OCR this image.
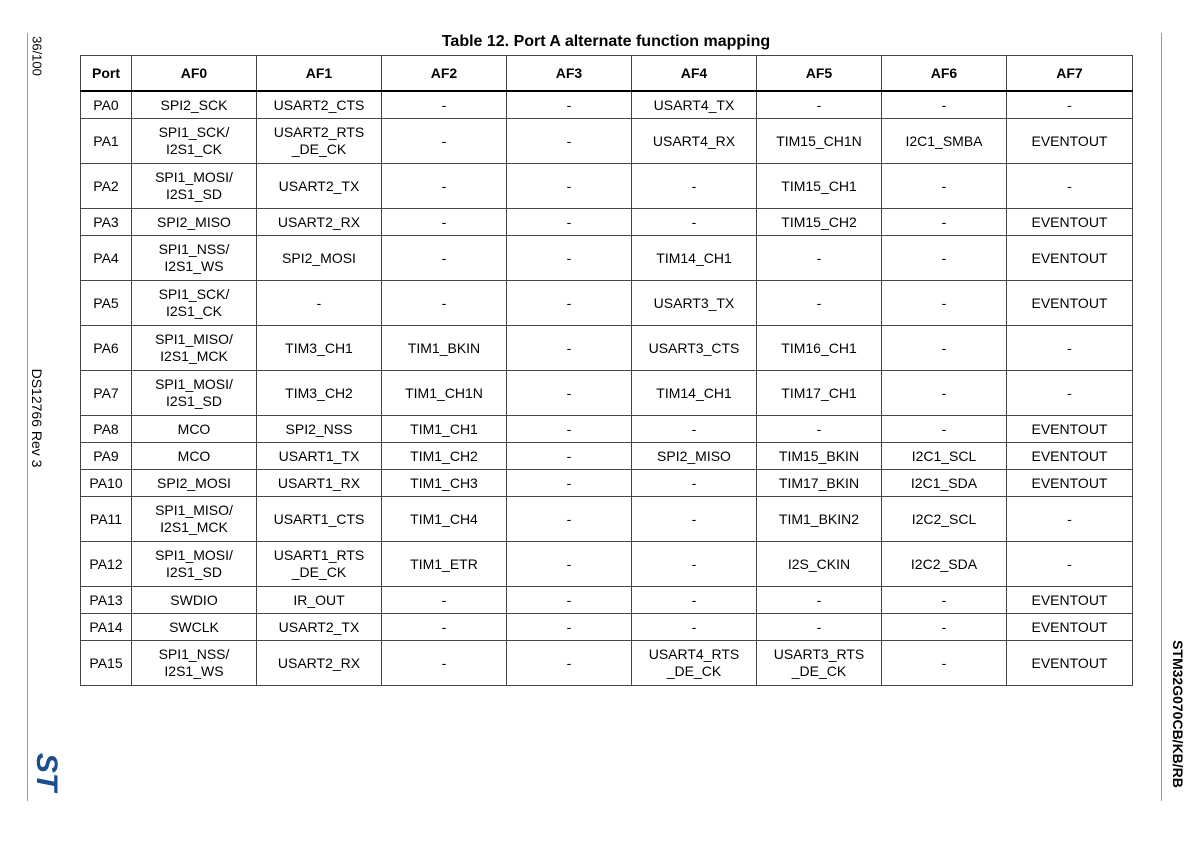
36/100
DS12766 Rev 3
STM32G070CB/KB/RB
ST
Table 12. Port A alternate function mapping
Port	AF0	AF1	AF2	AF3	AF4	AF5	AF6	AF7
PA0	SPI2_SCK	USART2_CTS	-	-	USART4_TX	-	-	-
PA1	SPI1_SCK/
I2S1_CK	USART2_RTS
_DE_CK	-	-	USART4_RX	TIM15_CH1N	I2C1_SMBA	EVENTOUT
PA2	SPI1_MOSI/
I2S1_SD	USART2_TX	-	-	-	TIM15_CH1	-	-
PA3	SPI2_MISO	USART2_RX	-	-	-	TIM15_CH2	-	EVENTOUT
PA4	SPI1_NSS/
I2S1_WS	SPI2_MOSI	-	-	TIM14_CH1	-	-	EVENTOUT
PA5	SPI1_SCK/
I2S1_CK	-	-	-	USART3_TX	-	-	EVENTOUT
PA6	SPI1_MISO/
I2S1_MCK	TIM3_CH1	TIM1_BKIN	-	USART3_CTS	TIM16_CH1	-	-
PA7	SPI1_MOSI/
I2S1_SD	TIM3_CH2	TIM1_CH1N	-	TIM14_CH1	TIM17_CH1	-	-
PA8	MCO	SPI2_NSS	TIM1_CH1	-	-	-	-	EVENTOUT
PA9	MCO	USART1_TX	TIM1_CH2	-	SPI2_MISO	TIM15_BKIN	I2C1_SCL	EVENTOUT
PA10	SPI2_MOSI	USART1_RX	TIM1_CH3	-	-	TIM17_BKIN	I2C1_SDA	EVENTOUT
PA11	SPI1_MISO/
I2S1_MCK	USART1_CTS	TIM1_CH4	-	-	TIM1_BKIN2	I2C2_SCL	-
PA12	SPI1_MOSI/
I2S1_SD	USART1_RTS
_DE_CK	TIM1_ETR	-	-	I2S_CKIN	I2C2_SDA	-
PA13	SWDIO	IR_OUT	-	-	-	-	-	EVENTOUT
PA14	SWCLK	USART2_TX	-	-	-	-	-	EVENTOUT
PA15	SPI1_NSS/
I2S1_WS	USART2_RX	-	-	USART4_RTS
_DE_CK	USART3_RTS
_DE_CK	-	EVENTOUT
